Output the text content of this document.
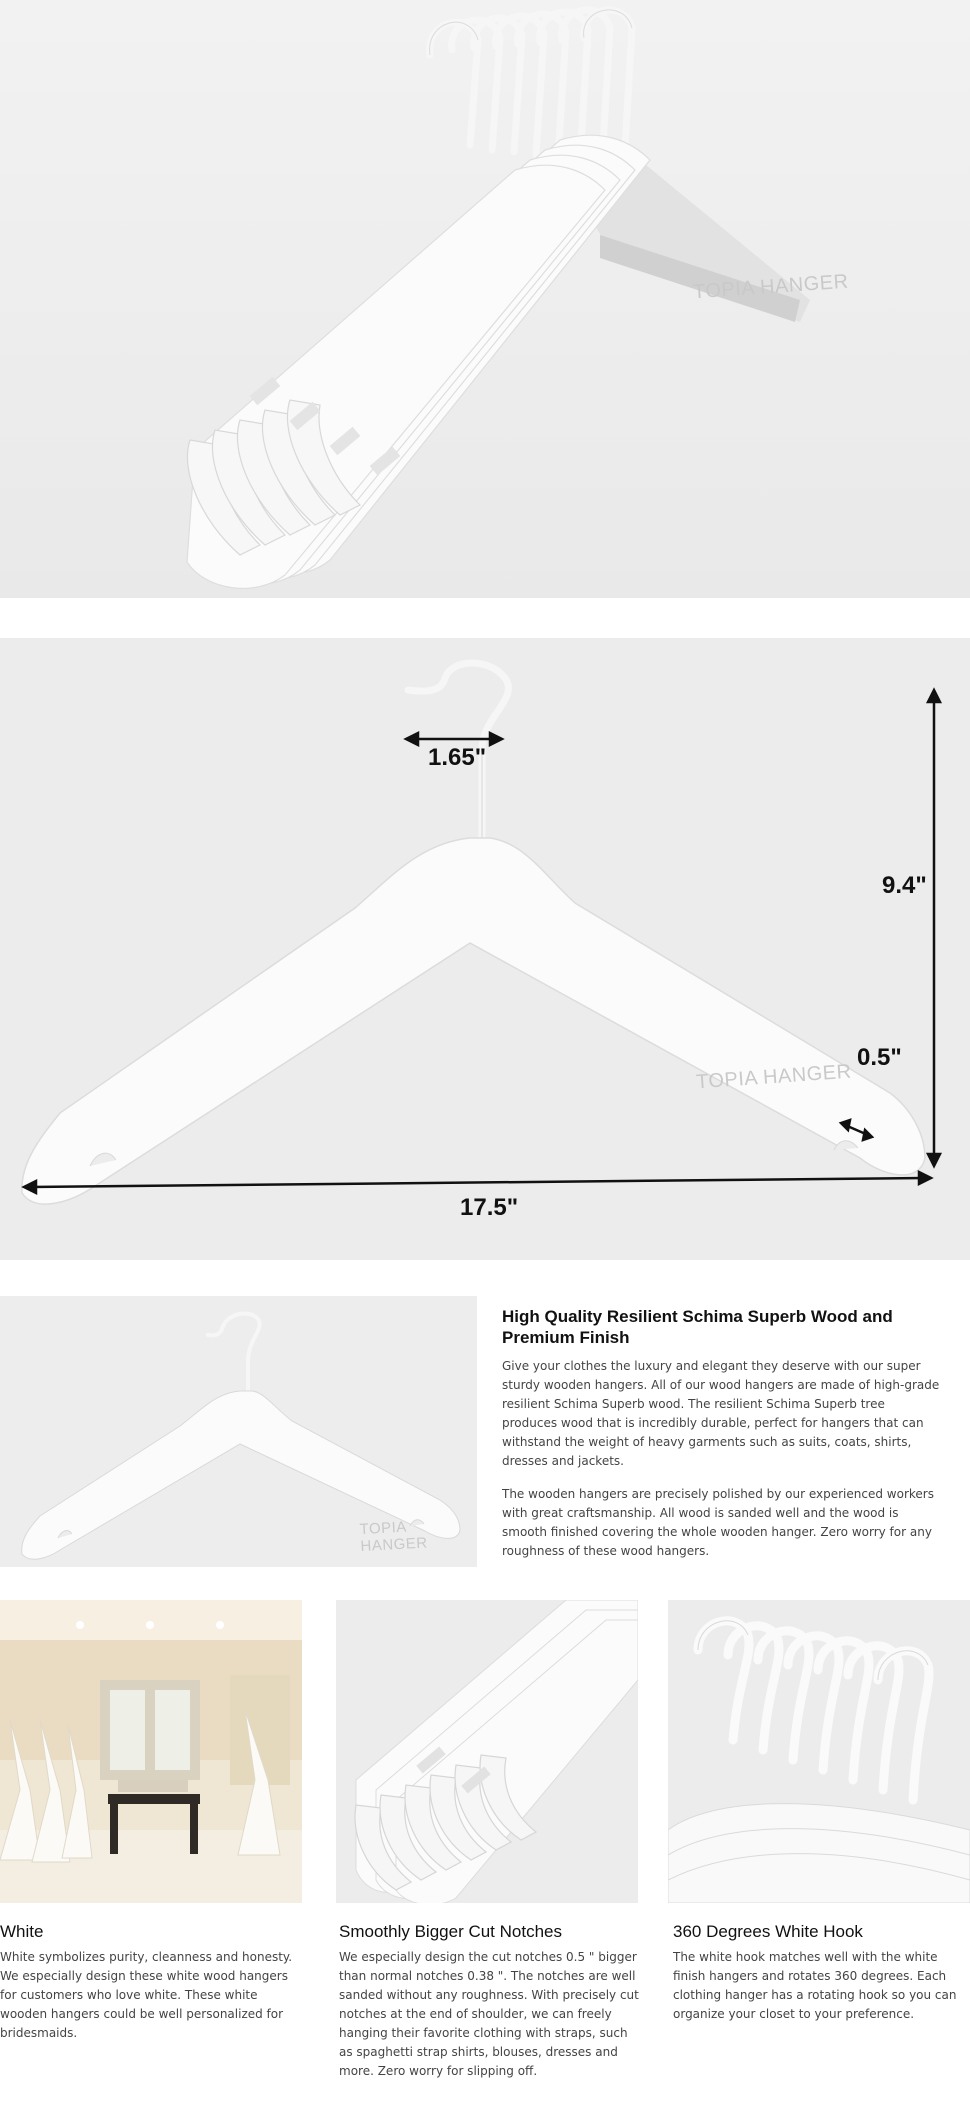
TOPIA HANGER
1.65"
9.4"
0.5"
17.5"
TOPIA HANGER
TOPIA HANGER
High Quality Resilient Schima Superb Wood and Premium Finish

Give your clothes the luxury and elegant they deserve with our super sturdy wooden hangers. All of our wood hangers are made of high-grade resilient Schima Superb wood. The resilient Schima Superb tree produces wood that is incredibly durable, perfect for hangers that can withstand the weight of heavy garments such as suits, coats, shirts, dresses and jackets.

The wooden hangers are precisely polished by our experienced workers with great craftsmanship. All wood is sanded well and the wood is smooth finished covering the whole wooden hanger. Zero worry for any roughness of these wood hangers.

White

White symbolizes purity, cleanness and honesty. We especially design these white wood hangers for customers who love white. These white wooden hangers could be well personalized for bridesmaids.

Smoothly Bigger Cut Notches

We especially design the cut notches 0.5 " bigger than normal notches 0.38 ". The notches are well sanded without any roughness. With precisely cut notches at the end of shoulder, we can freely hanging their favorite clothing with straps, such as spaghetti strap shirts, blouses, dresses and more. Zero worry for slipping off.

360 Degrees White Hook

The white hook matches well with the white finish hangers and rotates 360 degrees. Each clothing hanger has a rotating hook so you can organize your closet to your preference.
